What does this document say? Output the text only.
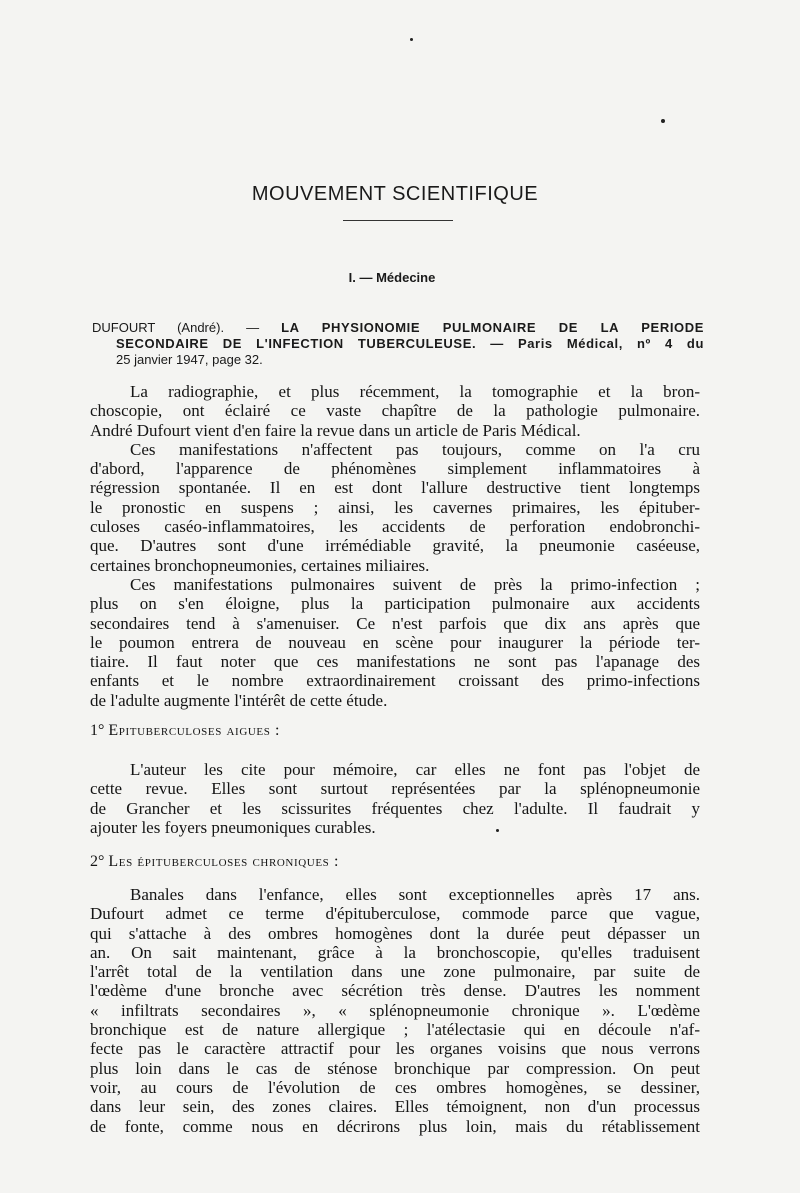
MOUVEMENT SCIENTIFIQUE
I. — Médecine
DUFOURT (André). — LA PHYSIONOMIE PULMONAIRE DE LA PERIODE
SECONDAIRE DE L'INFECTION TUBERCULEUSE. — Paris Médical, nº 4 du
25 janvier 1947, page 32.
La radiographie, et plus récemment, la tomographie et la bron-
choscopie, ont éclairé ce vaste chapître de la pathologie pulmonaire.
André Dufourt vient d'en faire la revue dans un article de Paris Médical.
Ces manifestations n'affectent pas toujours, comme on l'a cru
d'abord, l'apparence de phénomènes simplement inflammatoires à
régression spontanée. Il en est dont l'allure destructive tient longtemps
le pronostic en suspens ; ainsi, les cavernes primaires, les épituber-
culoses caséo-inflammatoires, les accidents de perforation endobronchi-
que. D'autres sont d'une irrémédiable gravité, la pneumonie caséeuse,
certaines bronchopneumonies, certaines miliaires.
Ces manifestations pulmonaires suivent de près la primo-infection ;
plus on s'en éloigne, plus la participation pulmonaire aux accidents
secondaires tend à s'amenuiser. Ce n'est parfois que dix ans après que
le poumon entrera de nouveau en scène pour inaugurer la période ter-
tiaire. Il faut noter que ces manifestations ne sont pas l'apanage des
enfants et le nombre extraordinairement croissant des primo-infections
de l'adulte augmente l'intérêt de cette étude.
1° Epituberculoses aigues :
L'auteur les cite pour mémoire, car elles ne font pas l'objet de
cette revue. Elles sont surtout représentées par la splénopneumonie
de Grancher et les scissurites fréquentes chez l'adulte. Il faudrait y
ajouter les foyers pneumoniques curables.
2° Les épituberculoses chroniques :
Banales dans l'enfance, elles sont exceptionnelles après 17 ans.
Dufourt admet ce terme d'épituberculose, commode parce que vague,
qui s'attache à des ombres homogènes dont la durée peut dépasser un
an. On sait maintenant, grâce à la bronchoscopie, qu'elles traduisent
l'arrêt total de la ventilation dans une zone pulmonaire, par suite de
l'œdème d'une bronche avec sécrétion très dense. D'autres les nomment
« infiltrats secondaires », « splénopneumonie chronique ». L'œdème
bronchique est de nature allergique ; l'atélectasie qui en découle n'af-
fecte pas le caractère attractif pour les organes voisins que nous verrons
plus loin dans le cas de sténose bronchique par compression. On peut
voir, au cours de l'évolution de ces ombres homogènes, se dessiner,
dans leur sein, des zones claires. Elles témoignent, non d'un processus
de fonte, comme nous en décrirons plus loin, mais du rétablissement
